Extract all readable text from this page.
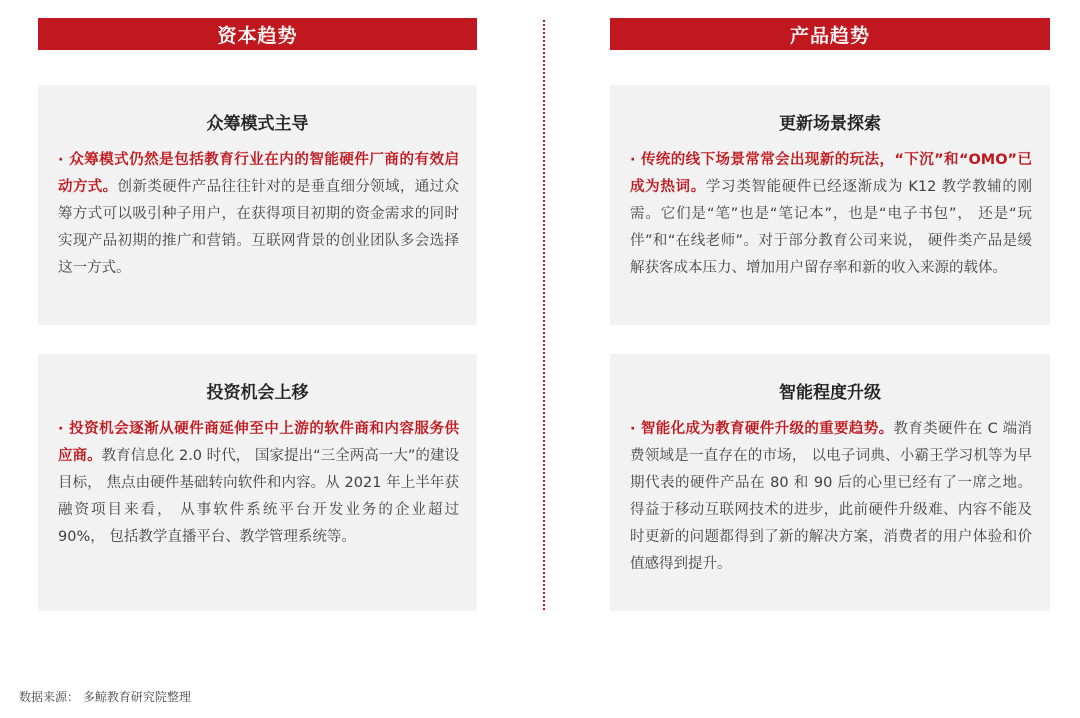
资本趋势	产品趋势
众筹模式主导
· 众筹模式仍然是包括教育行业在内的智能硬件厂商的有效启动方式。创新类硬件产品往往针对的是垂直细分领域，通过众筹方式可以吸引种子用户，在获得项目初期的资金需求的同时实现产品初期的推广和营销。互联网背景的创业团队多会选择这一方式。
更新场景探索
· 传统的线下场景常常会出现新的玩法，“下沉”和“OMO”已成为热词。学习类智能硬件已经逐渐成为 K12 教学教辅的刚需。它们是“笔”也是“笔记本”，也是“电子书包”， 还是“玩伴”和“在线老师”。对于部分教育公司来说， 硬件类产品是缓解获客成本压力、增加用户留存率和新的收入来源的载体。
投资机会上移
· 投资机会逐渐从硬件商延伸至中上游的软件商和内容服务供应商。教育信息化 2.0 时代， 国家提出“三全两高一大”的建设目标， 焦点由硬件基础转向软件和内容。从 2021 年上半年获融资项目来看， 从事软件系统平台开发业务的企业超过 90%， 包括教学直播平台、教学管理系统等。
智能程度升级
· 智能化成为教育硬件升级的重要趋势。教育类硬件在 C 端消费领域是一直存在的市场， 以电子词典、小霸王学习机等为早期代表的硬件产品在 80 和 90 后的心里已经有了一席之地。得益于移动互联网技术的进步，此前硬件升级难、内容不能及时更新的问题都得到了新的解决方案，消费者的用户体验和价值感得到提升。
数据来源： 多鲸教育研究院整理
